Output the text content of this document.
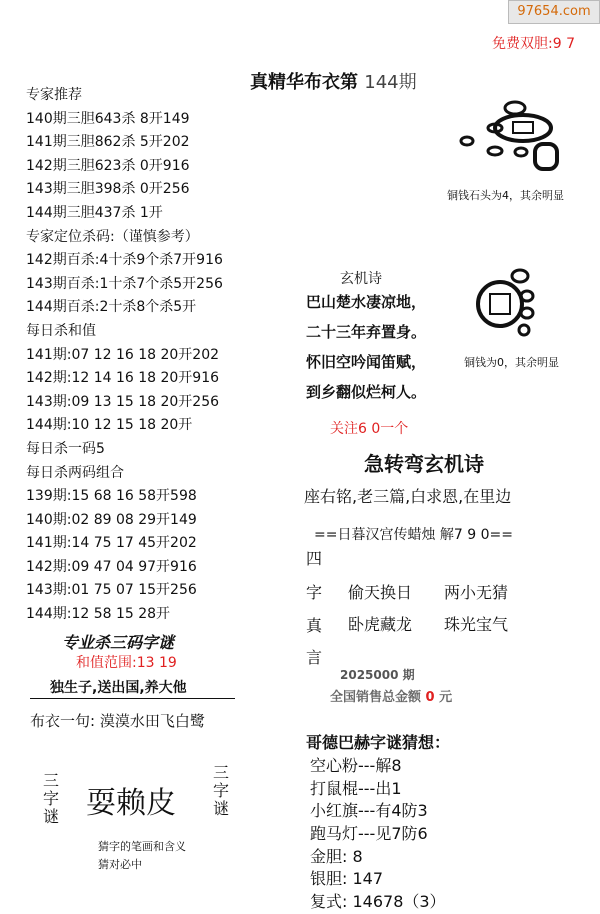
97654.com
免费双胆:9 7
真精华布衣第 144期
专家推荐
140期三胆643杀 8开149
141期三胆862杀 5开202
142期三胆623杀 0开916
143期三胆398杀 0开256
144期三胆437杀 1开
专家定位杀码:（谨慎参考）
142期百杀:4十杀9个杀7开916
143期百杀:1十杀7个杀5开256
144期百杀:2十杀8个杀5开
每日杀和值
141期:07 12 16 18 20开202
142期:12 14 16 18 20开916
143期:09 13 15 18 20开256
144期:10 12 15 18 20开
每日杀一码5
每日杀两码组合
139期:15 68 16 58开598
140期:02 89 08 29开149
141期:14 75 17 45开202
142期:09 47 04 97开916
143期:01 75 07 15开256
144期:12 58 15 28开
专业杀三码字谜
和值范围:13 19
独生子,送出国,养大他
布衣一句: 漠漠水田飞白鹭
三字谜 耍赖皮
三字谜
猜字的笔画和含义
猜对必中
铜钱石头为4，其余明显
铜钱为0，其余明显
玄机诗
巴山楚水凄凉地，
二十三年弃置身。
怀旧空吟闻笛赋，
到乡翻似烂柯人。
关注6 0一个
急转弯玄机诗
座右铭,老三篇,白求恩,在里边
==日暮汉宫传蜡烛 解7 9 0==
四
字
真
言
偷天换日 两小无猜
卧虎藏龙 珠光宝气
2025000 期
全国销售总金额 0 元
哥德巴赫字谜猜想：
空心粉---解8
打鼠棍---出1
小红旗---有4防3
跑马灯---见7防6
金胆: 8
银胆: 147
复式: 14678（3）
